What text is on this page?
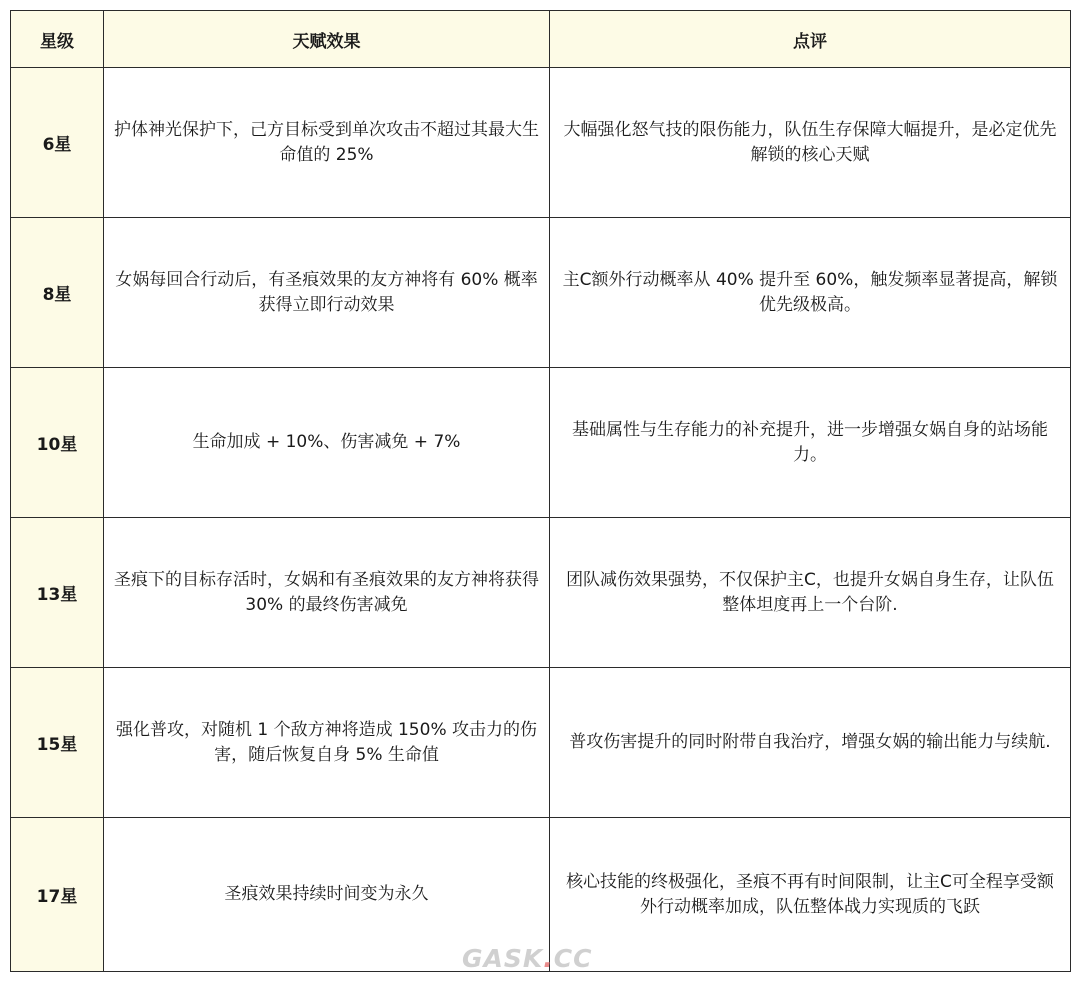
星级	天赋效果	点评
6星	护体神光保护下，己方目标受到单次攻击不超过其最大生命值的 25%	大幅强化怒气技的限伤能力，队伍生存保障大幅提升，是必定优先解锁的核心天赋
8星	女娲每回合行动后，有圣痕效果的友方神将有 60% 概率获得立即行动效果	主C额外行动概率从 40% 提升至 60%，触发频率显著提高，解锁优先级极高。
10星	生命加成 + 10%、伤害减免 + 7%	基础属性与生存能力的补充提升，进一步增强女娲自身的站场能力。
13星	圣痕下的目标存活时，女娲和有圣痕效果的友方神将获得 30% 的最终伤害减免	团队减伤效果强势，不仅保护主C，也提升女娲自身生存，让队伍整体坦度再上一个台阶.
15星	强化普攻，对随机 1 个敌方神将造成 150% 攻击力的伤害，随后恢复自身 5% 生命值	普攻伤害提升的同时附带自我治疗，增强女娲的输出能力与续航.
17星	圣痕效果持续时间变为永久	核心技能的终极强化，圣痕不再有时间限制，让主C可全程享受额外行动概率加成，队伍整体战力实现质的飞跃
GASK.CC
